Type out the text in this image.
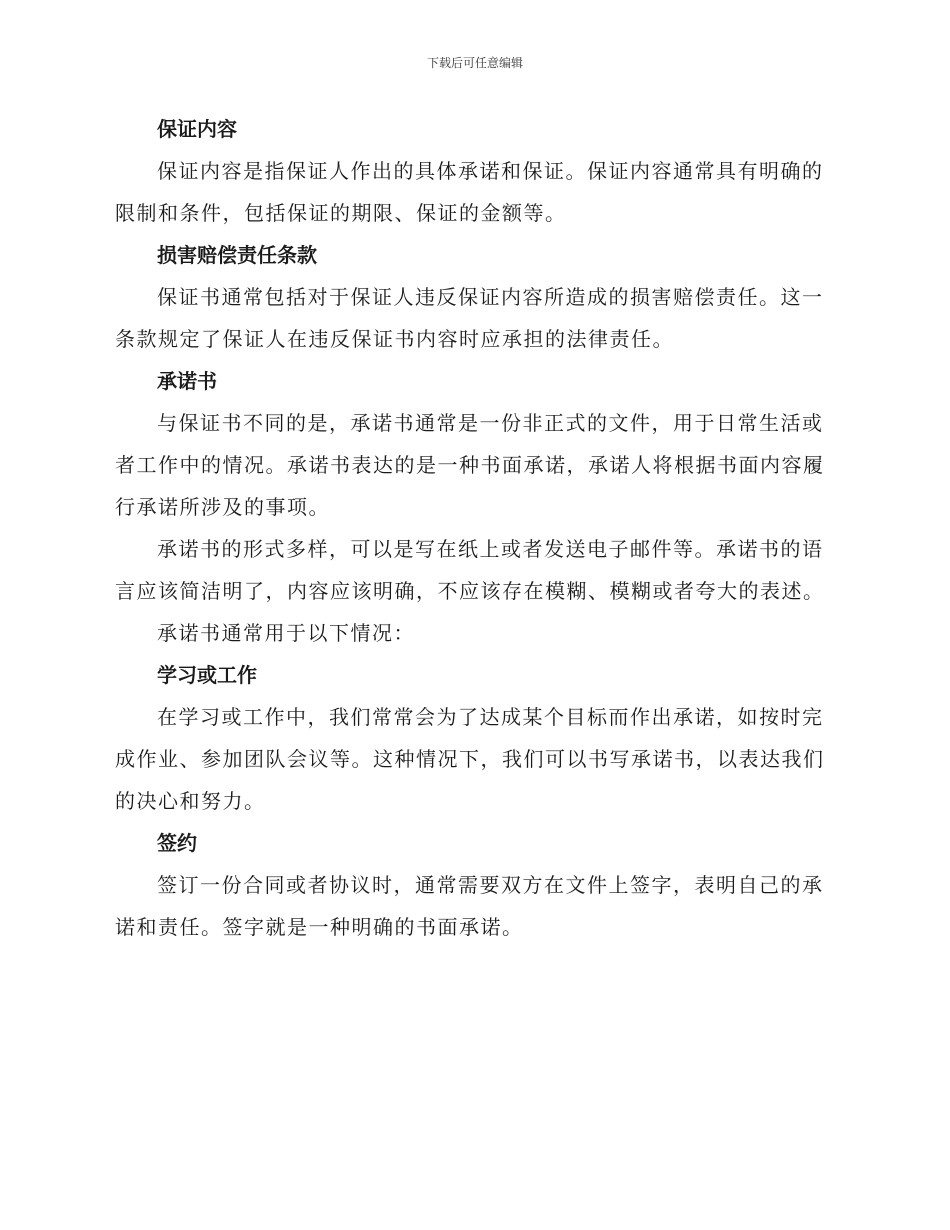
下载后可任意编辑

保证内容

保证内容是指保证人作出的具体承诺和保证。保证内容通常具有明确的限制和条件，包括保证的期限、保证的金额等。

损害赔偿责任条款

保证书通常包括对于保证人违反保证内容所造成的损害赔偿责任。这一条款规定了保证人在违反保证书内容时应承担的法律责任。

承诺书

与保证书不同的是，承诺书通常是一份非正式的文件，用于日常生活或者工作中的情况。承诺书表达的是一种书面承诺，承诺人将根据书面内容履行承诺所涉及的事项。

承诺书的形式多样，可以是写在纸上或者发送电子邮件等。承诺书的语言应该简洁明了，内容应该明确，不应该存在模糊、模糊或者夸大的表述。

承诺书通常用于以下情况：

学习或工作

在学习或工作中，我们常常会为了达成某个目标而作出承诺，如按时完成作业、参加团队会议等。这种情况下，我们可以书写承诺书，以表达我们的决心和努力。

签约

签订一份合同或者协议时，通常需要双方在文件上签字，表明自己的承诺和责任。签字就是一种明确的书面承诺。
